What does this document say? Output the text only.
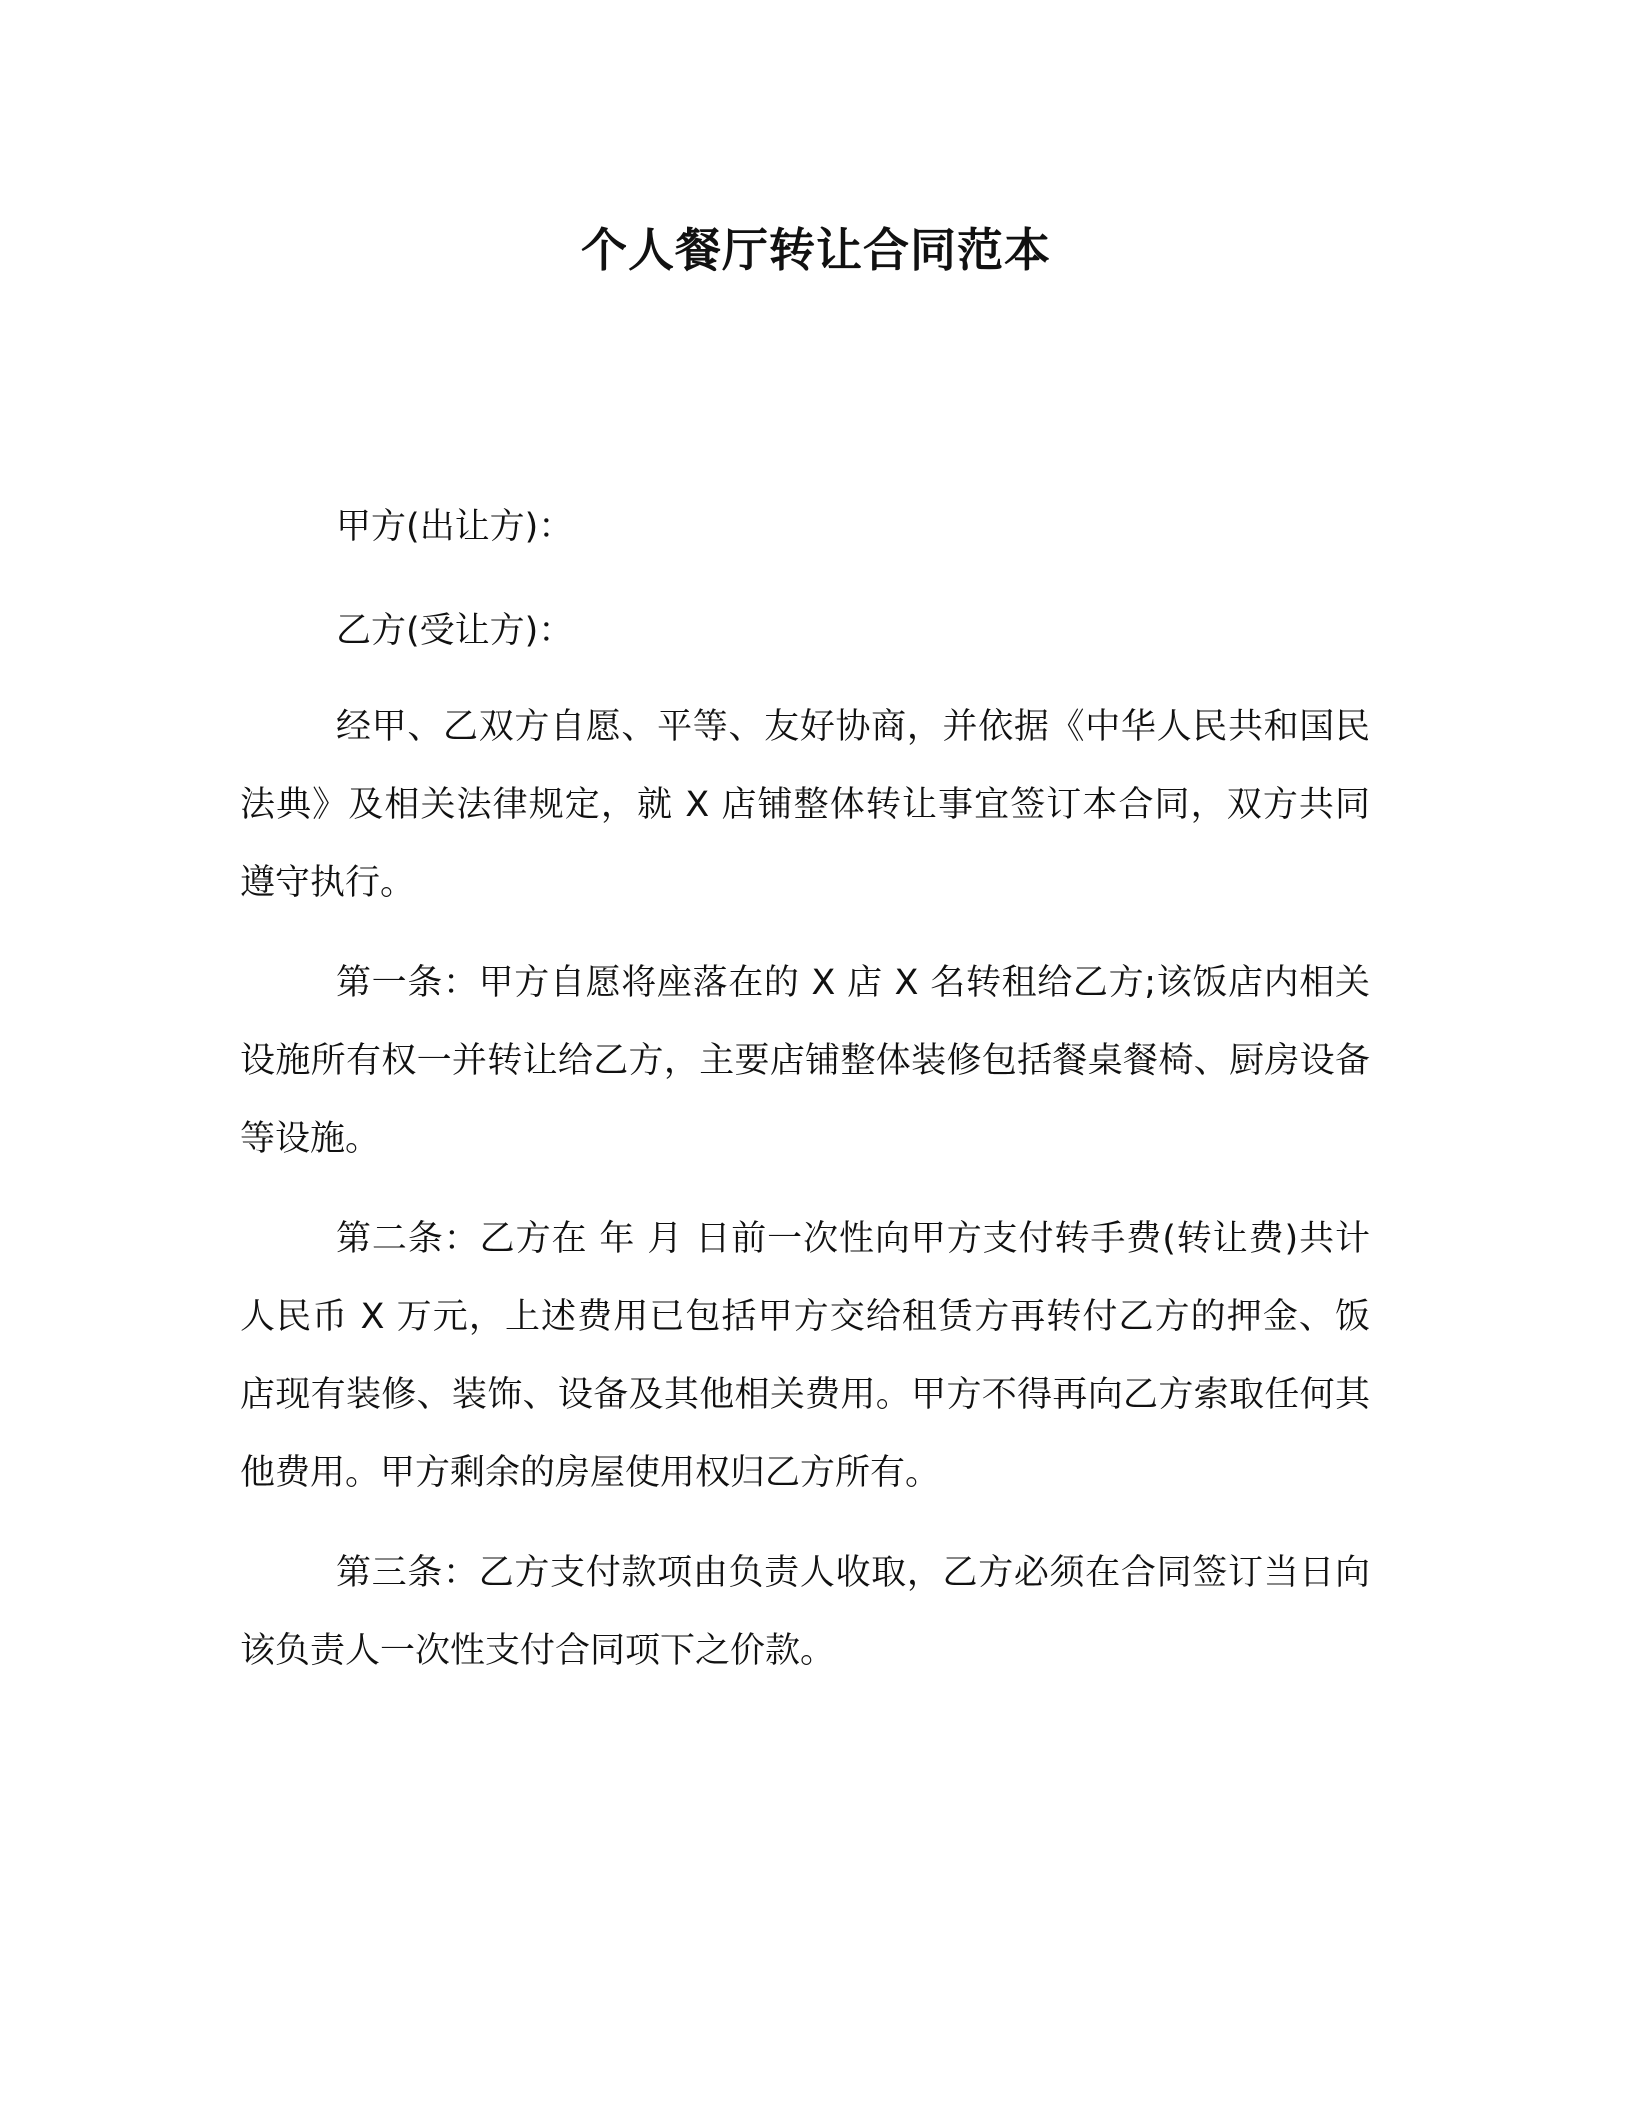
个人餐厅转让合同范本

甲方(出让方)：

乙方(受让方)：

经甲、乙双方自愿、平等、友好协商，并依据《中华人民共和国民法典》及相关法律规定，就 X 店铺整体转让事宜签订本合同，双方共同遵守执行。

第一条：甲方自愿将座落在的 X 店 X 名转租给乙方;该饭店内相关设施所有权一并转让给乙方，主要店铺整体装修包括餐桌餐椅、厨房设备等设施。

第二条：乙方在 年 月 日前一次性向甲方支付转手费(转让费)共计人民币 X 万元，上述费用已包括甲方交给租赁方再转付乙方的押金、饭店现有装修、装饰、设备及其他相关费用。甲方不得再向乙方索取任何其他费用。甲方剩余的房屋使用权归乙方所有。

第三条：乙方支付款项由负责人收取，乙方必须在合同签订当日向该负责人一次性支付合同项下之价款。
